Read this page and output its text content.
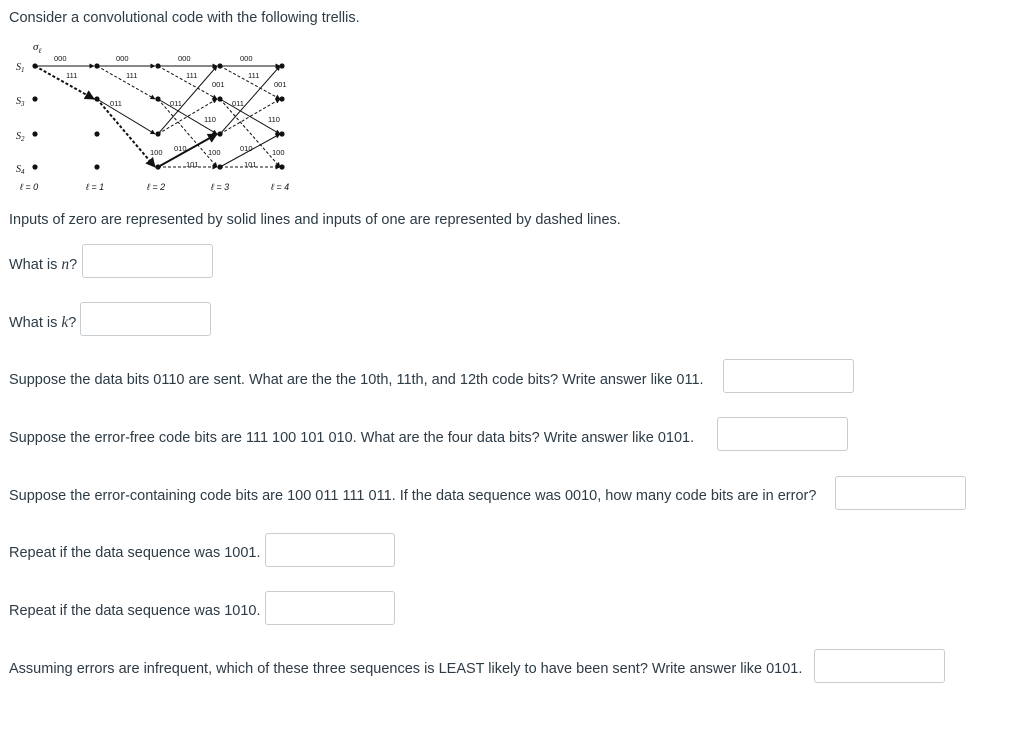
Consider a convolutional code with the following trellis.
$\sigma_\ell$
$S_1$
$S_3$
$S_2$
$S_4$
000	000	000	000
111	111	111	111
011	011	011
001	001
110	110
100	100	100
010	010
101	101
ℓ = 0	ℓ = 1	ℓ = 2	ℓ = 3	ℓ = 4
Inputs of zero are represented by solid lines and inputs of one are represented by dashed lines.
What is n?
What is k?
Suppose the data bits 0110 are sent. What are the the 10th, 11th, and 12th code bits? Write answer like 011.
Suppose the error-free code bits are 111 100 101 010. What are the four data bits? Write answer like 0101.
Suppose the error-containing code bits are 100 011 111 011. If the data sequence was 0010, how many code bits are in error?
Repeat if the data sequence was 1001.
Repeat if the data sequence was 1010.
Assuming errors are infrequent, which of these three sequences is LEAST likely to have been sent? Write answer like 0101.
